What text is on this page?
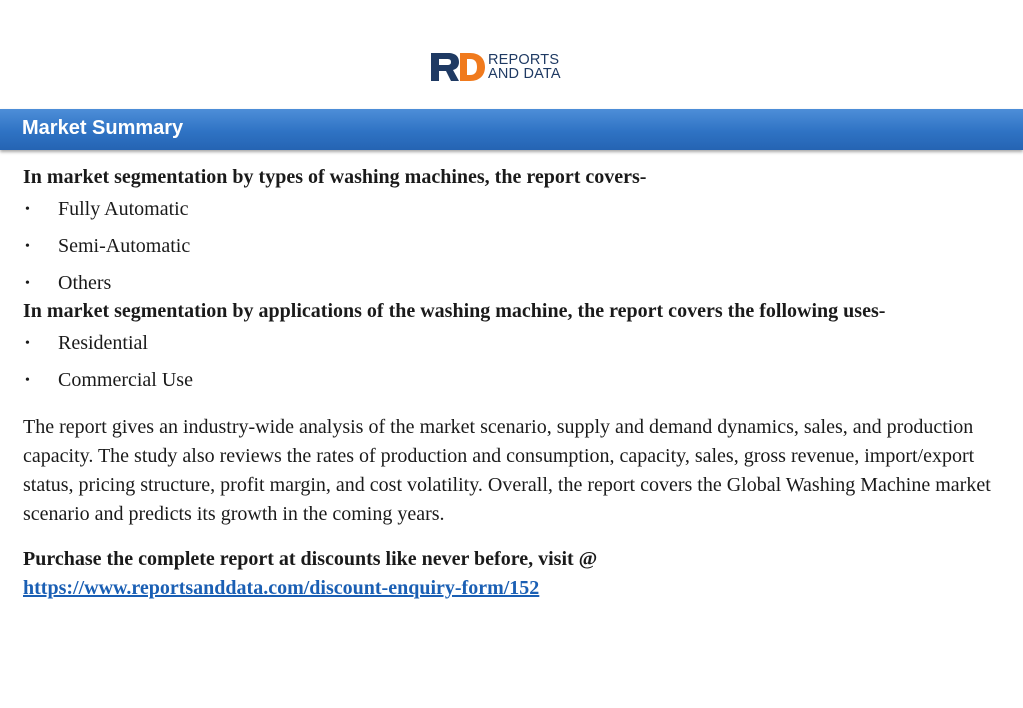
REPORTS
AND DATA
Market Summary

In market segmentation by types of washing machines, the report covers-

• Fully Automatic
• Semi-Automatic
• Others

In market segmentation by applications of the washing machine, the report covers the following uses-

• Residential
• Commercial Use

The report gives an industry-wide analysis of the market scenario, supply and demand dynamics, sales, and production capacity. The study also reviews the rates of production and consumption, capacity, sales, gross revenue, import/export status, pricing structure, profit margin, and cost volatility. Overall, the report covers the Global Washing Machine market scenario and predicts its growth in the coming years.

Purchase the complete report at discounts like never before, visit @
https://www.reportsanddata.com/discount-enquiry-form/152
